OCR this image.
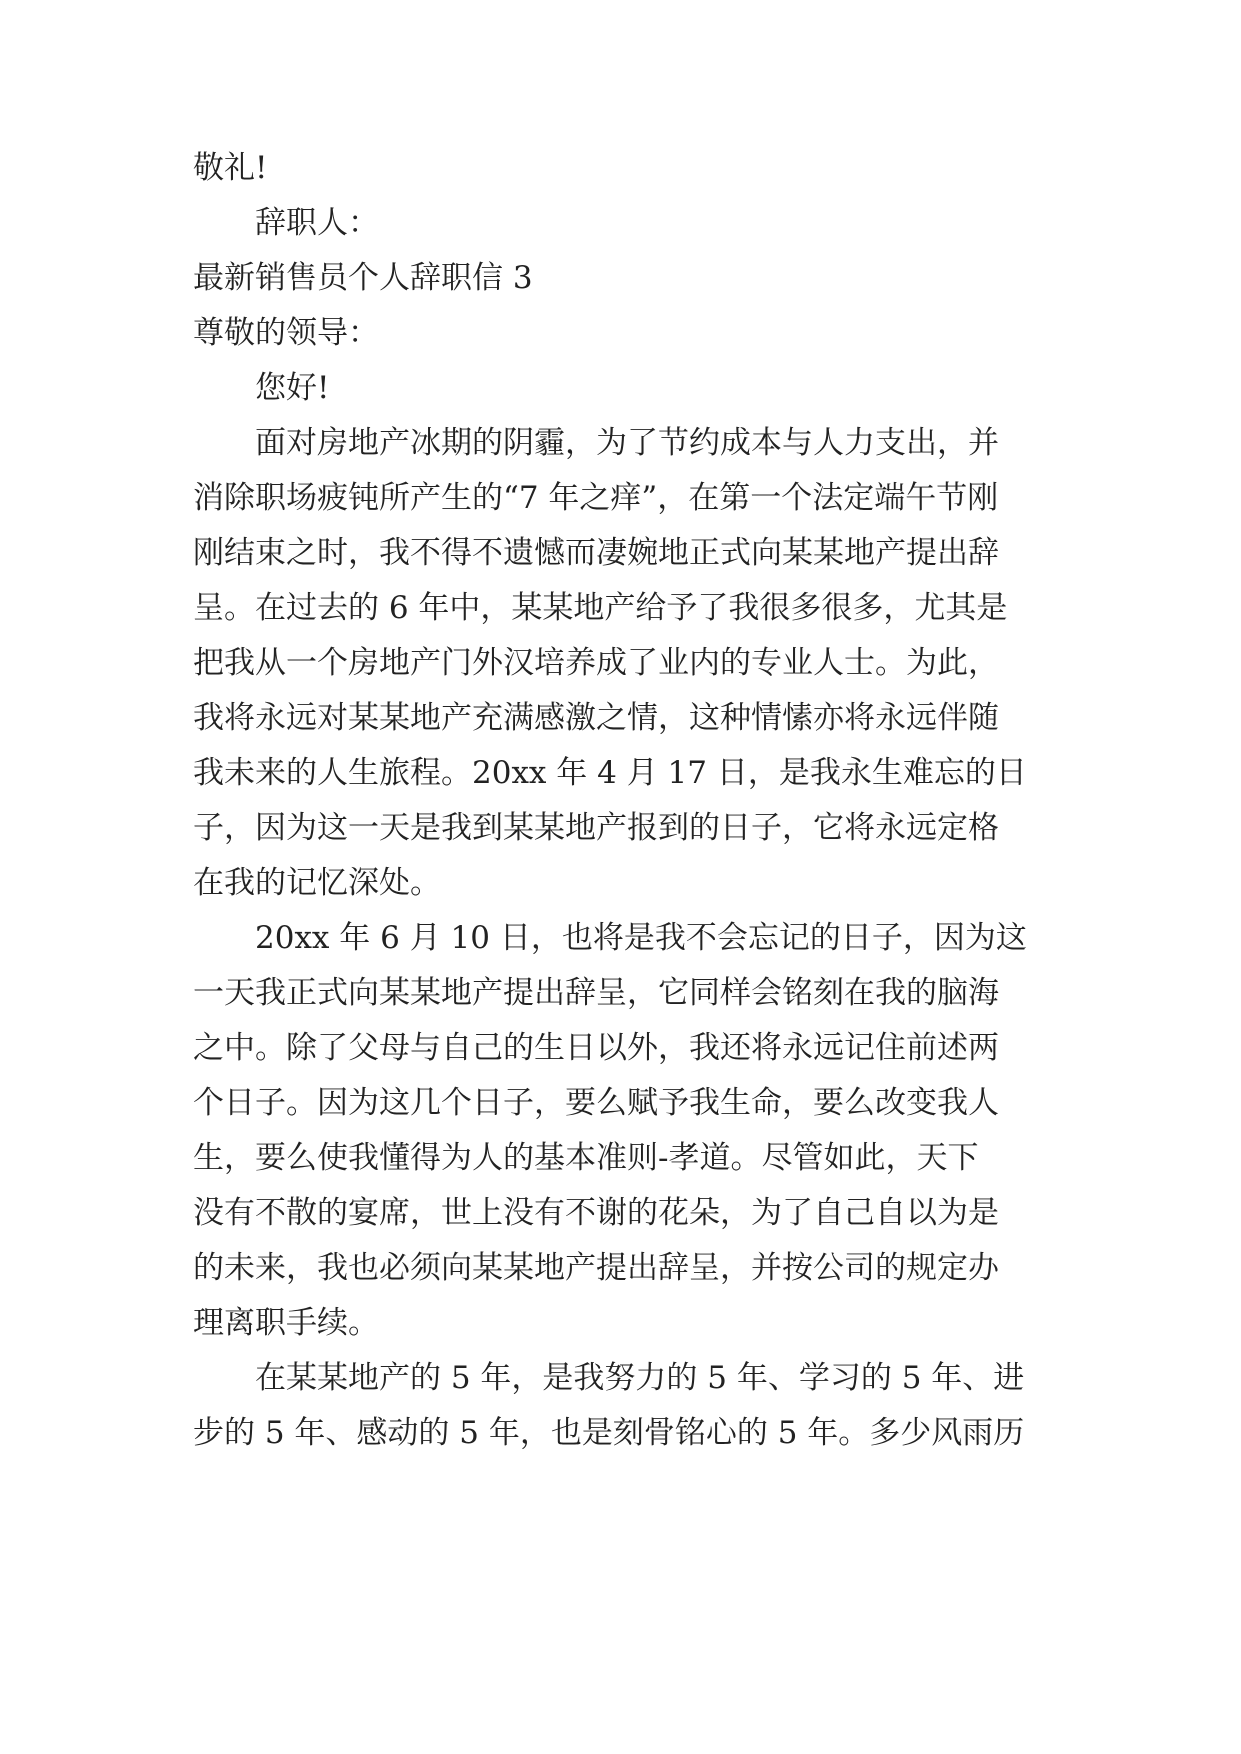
敬礼!

辞职人：

最新销售员个人辞职信 3

尊敬的领导：

您好!

面对房地产冰期的阴霾，为了节约成本与人力支出，并

消除职场疲钝所产生的“7 年之痒”，在第一个法定端午节刚

刚结束之时，我不得不遗憾而凄婉地正式向某某地产提出辞

呈。在过去的 6 年中，某某地产给予了我很多很多，尤其是

把我从一个房地产门外汉培养成了业内的专业人士。为此，

我将永远对某某地产充满感激之情，这种情愫亦将永远伴随

我未来的人生旅程。20xx 年 4 月 17 日，是我永生难忘的日

子，因为这一天是我到某某地产报到的日子，它将永远定格

在我的记忆深处。

20xx 年 6 月 10 日，也将是我不会忘记的日子，因为这

一天我正式向某某地产提出辞呈，它同样会铭刻在我的脑海

之中。除了父母与自己的生日以外，我还将永远记住前述两

个日子。因为这几个日子，要么赋予我生命，要么改变我人

生，要么使我懂得为人的基本准则-孝道。尽管如此，天下

没有不散的宴席，世上没有不谢的花朵，为了自己自以为是

的未来，我也必须向某某地产提出辞呈，并按公司的规定办

理离职手续。

在某某地产的 5 年，是我努力的 5 年、学习的 5 年、进

步的 5 年、感动的 5 年，也是刻骨铭心的 5 年。多少风雨历
